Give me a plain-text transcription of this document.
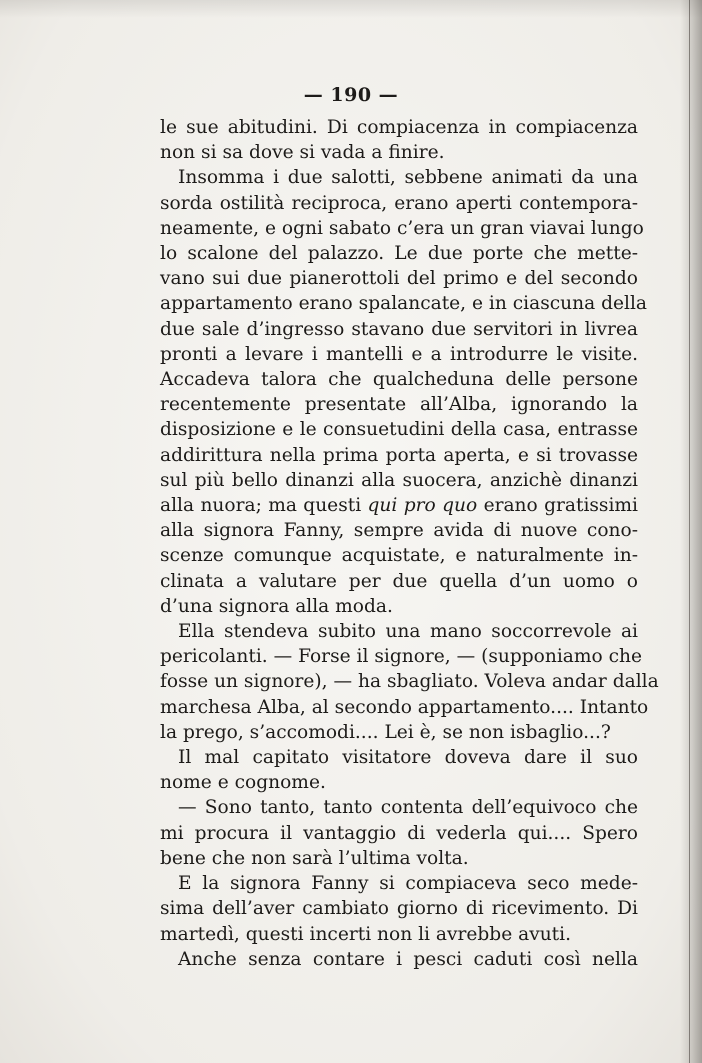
— 190 —
le sue abitudini. Di compiacenza in compiacenza
non si sa dove si vada a finire.
Insomma i due salotti, sebbene animati da una
sorda ostilità reciproca, erano aperti contempora-
neamente, e ogni sabato c’era un gran viavai lungo
lo scalone del palazzo. Le due porte che mette-
vano sui due pianerottoli del primo e del secondo
appartamento erano spalancate, e in ciascuna della
due sale d’ingresso stavano due servitori in livrea
pronti a levare i mantelli e a introdurre le visite.
Accadeva talora che qualcheduna delle persone
recentemente presentate all’Alba, ignorando la
disposizione e le consuetudini della casa, entrasse
addirittura nella prima porta aperta, e si trovasse
sul più bello dinanzi alla suocera, anzichè dinanzi
alla nuora; ma questi qui pro quo erano gratissimi
alla signora Fanny, sempre avida di nuove cono-
scenze comunque acquistate, e naturalmente in-
clinata a valutare per due quella d’un uomo o
d’una signora alla moda.
Ella stendeva subito una mano soccorrevole ai
pericolanti. — Forse il signore, — (supponiamo che
fosse un signore), — ha sbagliato. Voleva andar dalla
marchesa Alba, al secondo appartamento.... Intanto
la prego, s’accomodi.... Lei è, se non isbaglio...?
Il mal capitato visitatore doveva dare il suo
nome e cognome.
— Sono tanto, tanto contenta dell’equivoco che
mi procura il vantaggio di vederla qui.... Spero
bene che non sarà l’ultima volta.
E la signora Fanny si compiaceva seco mede-
sima dell’aver cambiato giorno di ricevimento. Di
martedì, questi incerti non li avrebbe avuti.
Anche senza contare i pesci caduti così nella
